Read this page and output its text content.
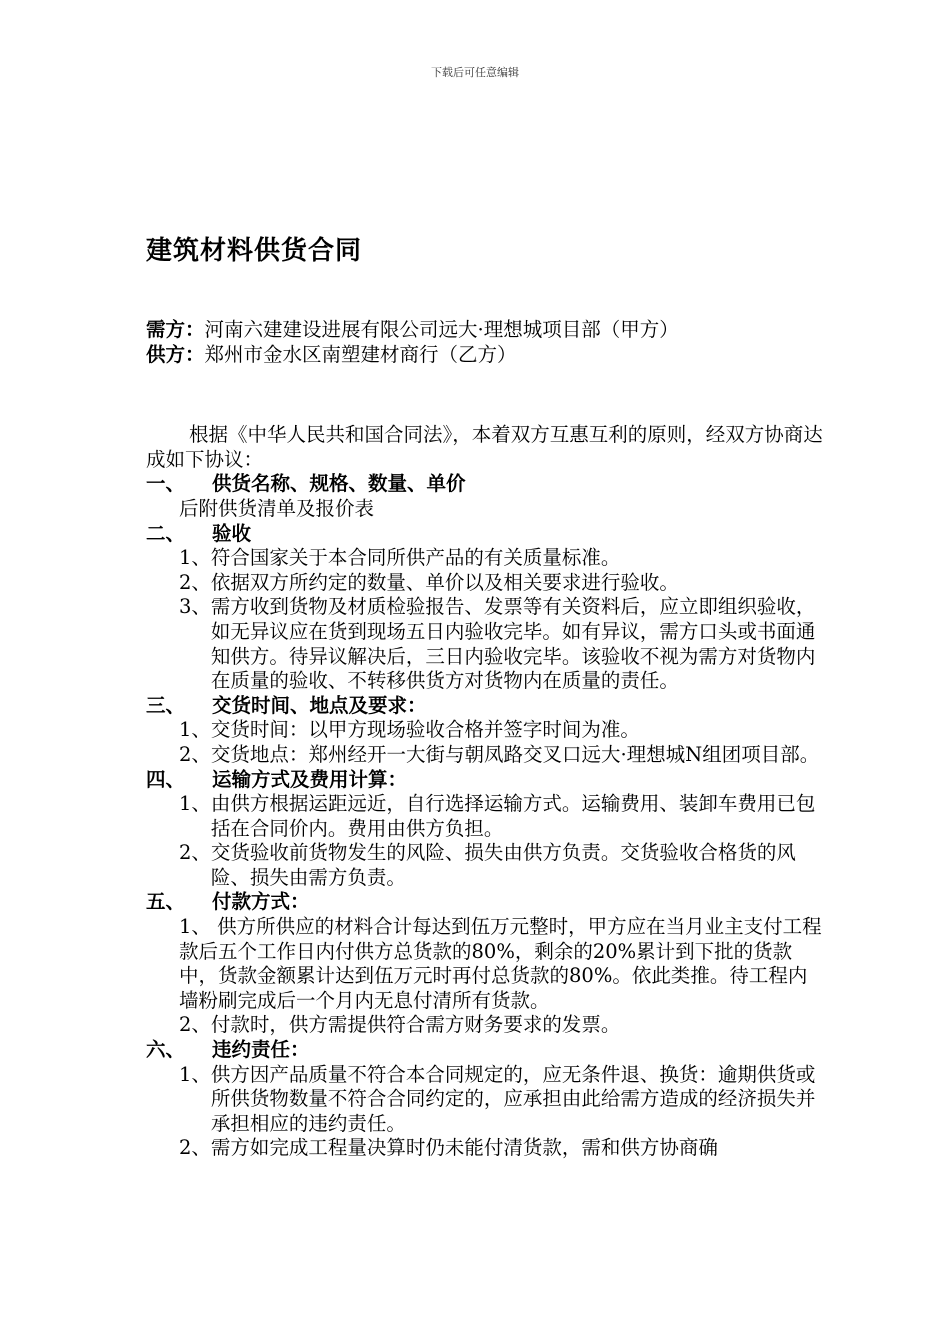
下载后可任意编辑
建筑材料供货合同

需方：河南六建建设进展有限公司远大·理想城项目部（甲方）

供方：郑州市金水区南塑建材商行（乙方）

根据《中华人民共和国合同法》，本着双方互惠互利的原则，经双方协商达成如下协议：

一、	供货名称、规格、数量、单价

后附供货清单及报价表

二、	验收
1、 符合国家关于本合同所供产品的有关质量标准。
2、 依据双方所约定的数量、单价以及相关要求进行验收。
3、 需方收到货物及材质检验报告、发票等有关资料后，应立即组织验收，如无异议应在货到现场五日内验收完毕。如有异议，需方口头或书面通知供方。待异议解决后，三日内验收完毕。该验收不视为需方对货物内在质量的验收、不转移供货方对货物内在质量的责任。
三、	交货时间、地点及要求：
1、 交货时间：以甲方现场验收合格并签字时间为准。
2、 交货地点： 郑州经开一大街与朝凤路交叉口远大·理想城N组团项目部。
四、	运输方式及费用计算：
1、 由供方根据运距远近，自行选择运输方式。运输费用、装卸车费用已包括在合同价内。费用由供方负担。
2、 交货验收前货物发生的风险、损失由供方负责。交货验收合格货的风险、损失由需方负责。
五、	付款方式：

1、 供方所供应的材料合计每达到伍万元整时，甲方应在当月业主支付工程款后五个工作日内付供方总货款的80%，剩余的20%累计到下批的货款中，货款金额累计达到伍万元时再付总货款的80%。依此类推。待工程内墙粉刷完成后一个月内无息付清所有货款。

2、 付款时，供方需提供符合需方财务要求的发票。
六、	违约责任：
1、 供方因产品质量不符合本合同规定的，应无条件退、换货：逾期供货或所供货物数量不符合合同约定的，应承担由此给需方造成的经济损失并承担相应的违约责任。
2、 需方如完成工程量决算时仍未能付清货款，需和供方协商确
